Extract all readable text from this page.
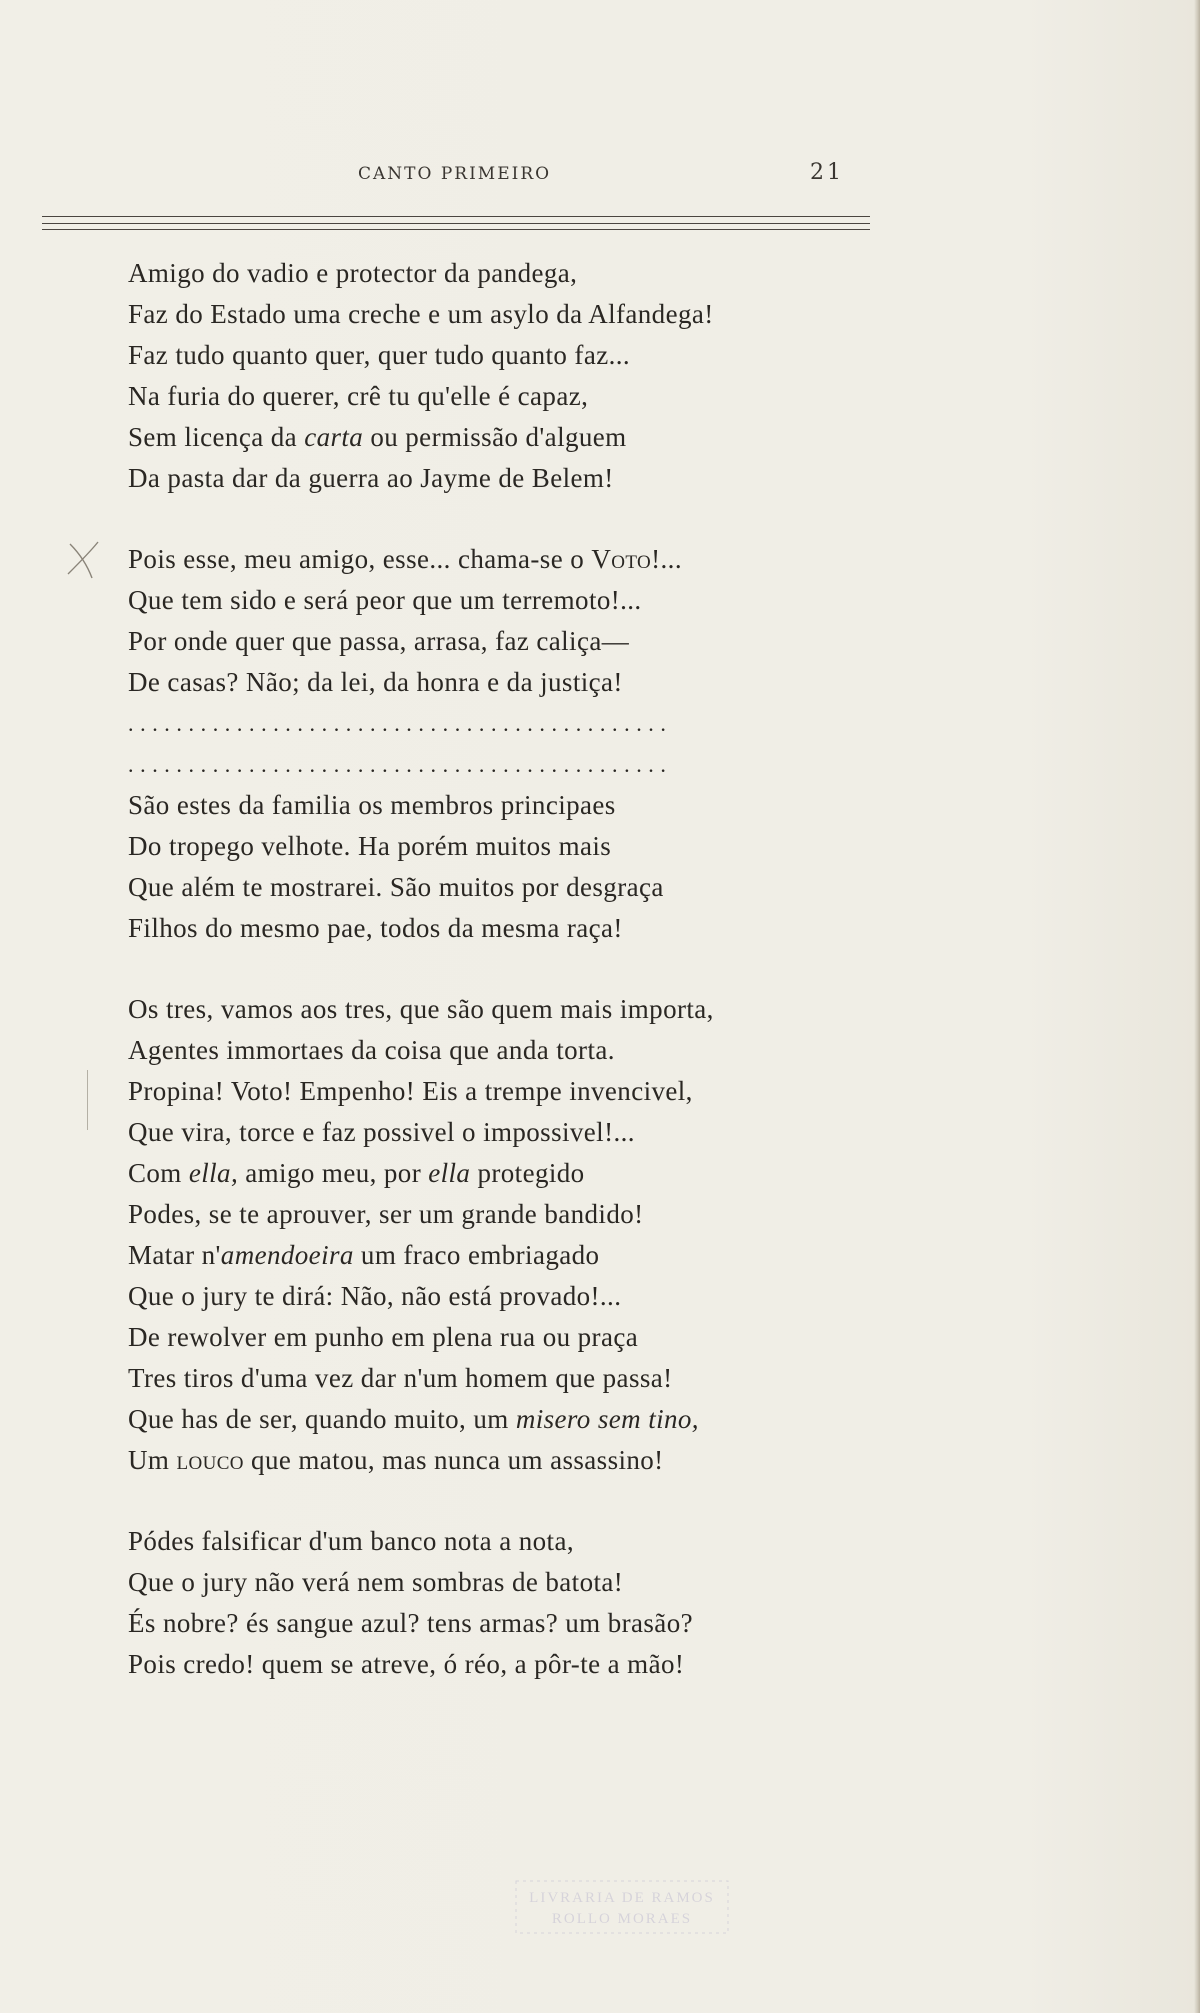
CANTO PRIMEIRO	21
Amigo do vadio e protector da pandega,
Faz do Estado uma creche e um asylo da Alfandega!
Faz tudo quanto quer, quer tudo quanto faz...
Na furia do querer, crê tu qu'elle é capaz,
Sem licença da carta ou permissão d'alguem
Da pasta dar da guerra ao Jayme de Belem!
Pois esse, meu amigo, esse... chama-se o Voto!...
Que tem sido e será peor que um terremoto!...
Por onde quer que passa, arrasa, faz caliça—
De casas? Não; da lei, da honra e da justiça!
.............................................
.............................................
São estes da familia os membros principaes
Do tropego velhote. Ha porém muitos mais
Que além te mostrarei. São muitos por desgraça
Filhos do mesmo pae, todos da mesma raça!
Os tres, vamos aos tres, que são quem mais importa,
Agentes immortaes da coisa que anda torta.
Propina! Voto! Empenho! Eis a trempe invencivel,
Que vira, torce e faz possivel o impossivel!...
Com ella, amigo meu, por ella protegido
Podes, se te aprouver, ser um grande bandido!
Matar n'amendoeira um fraco embriagado
Que o jury te dirá: Não, não está provado!...
De rewolver em punho em plena rua ou praça
Tres tiros d'uma vez dar n'um homem que passa!
Que has de ser, quando muito, um misero sem tino,
Um louco que matou, mas nunca um assassino!
Pódes falsificar d'um banco nota a nota,
Que o jury não verá nem sombras de batota!
És nobre? és sangue azul? tens armas? um brasão?
Pois credo! quem se atreve, ó réo, a pôr-te a mão!
LIVRARIA DE RAMOS
ROLLO MORAES
